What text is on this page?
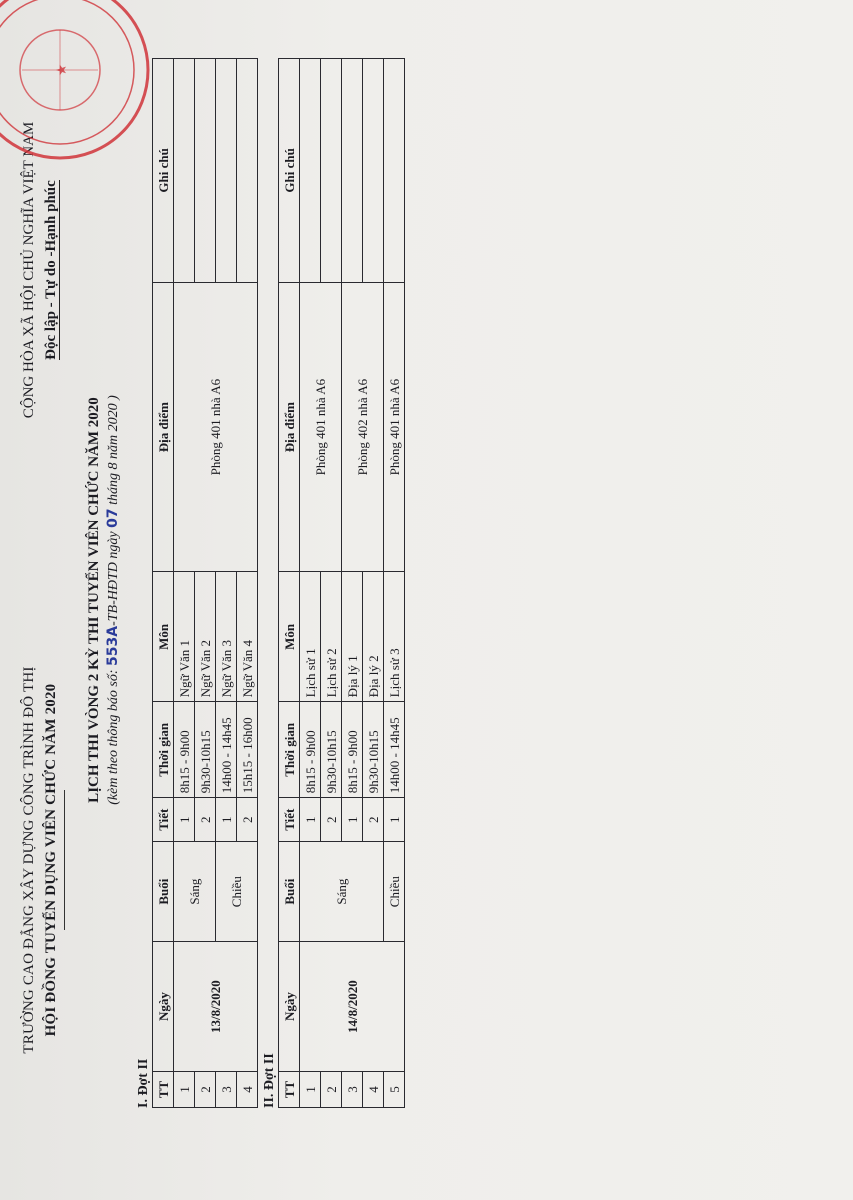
TRƯỜNG CAO ĐẲNG XÂY DỰNG CÔNG TRÌNH ĐÔ THỊ HỘI ĐỒNG TUYỂN DỤNG VIÊN CHỨC NĂM 2020
CỘNG HÒA XÃ HỘI CHỦ NGHĨA VIỆT NAM Độc lập - Tự do -Hạnh phúc
LỊCH THI VÒNG 2 KỲ THI TUYỂN VIÊN CHỨC NĂM 2020 (kèm theo thông báo số: 553A-TB-HĐTD ngày 07 tháng 8 năm 2020 )
I. Đợt II TT	Ngày	Buổi	Tiết	Thời gian	Môn	Địa điểm	Ghi chú
1	13/8/2020	Sáng	1	8h15 - 9h00	Ngữ Văn 1	Phòng 401 nhà A6	
2			2	9h30-10h15	Ngữ Văn 2		
3		Chiều	1	14h00 - 14h45	Ngữ Văn 3		
4			2	15h15 - 16h00	Ngữ Văn 4		
II. Đợt II TT	Ngày	Buổi	Tiết	Thời gian	Môn	Địa điểm	Ghi chú
1	14/8/2020	Sáng	1	8h15 - 9h00	Lịch sử 1	Phòng 401 nhà A6	
2			2	9h30-10h15	Lịch sử 2		
3			1	8h15 - 9h00	Địa lý 1	Phòng 402 nhà A6	
4			2	9h30-10h15	Địa lý 2		
5		Chiều	1	14h00 - 14h45	Lịch sử 3	Phòng 401 nhà A6	
★
